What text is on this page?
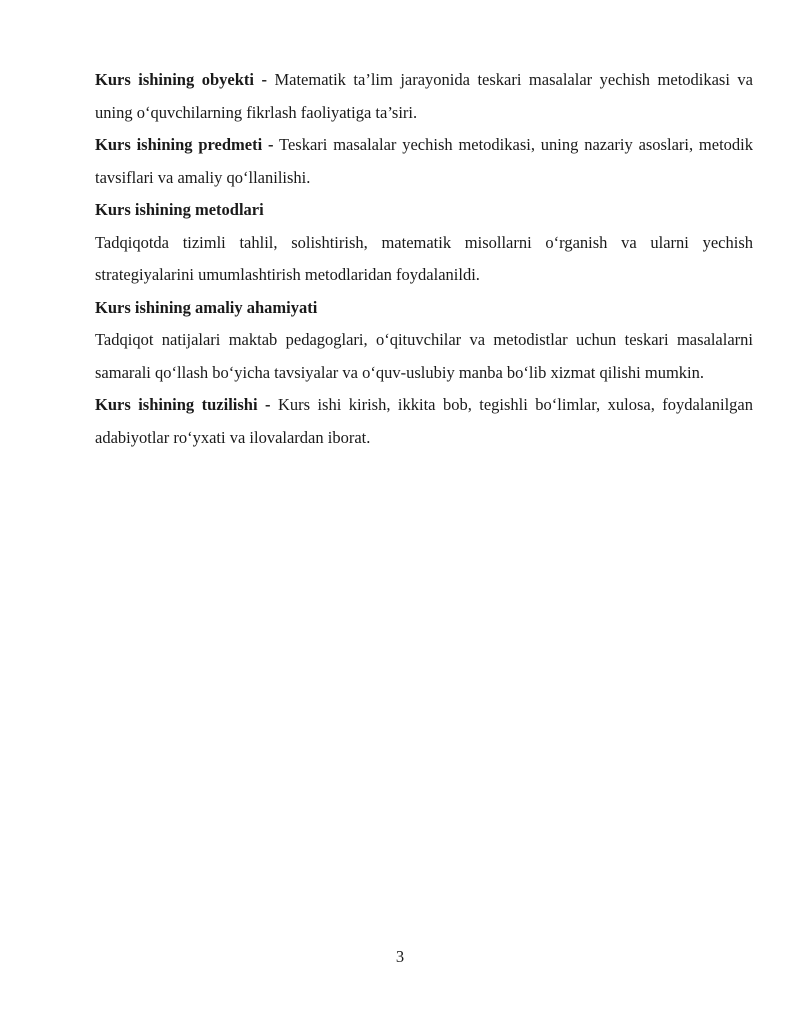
Kurs ishining obyekti - Matematik ta’lim jarayonida teskari masalalar yechish metodikasi va uning o‘quvchilarning fikrlash faoliyatiga ta’siri.

Kurs ishining predmeti - Teskari masalalar yechish metodikasi, uning nazariy asoslari, metodik tavsiflari va amaliy qo‘llanilishi.

Kurs ishining metodlari

Tadqiqotda tizimli tahlil, solishtirish, matematik misollarni o‘rganish va ularni yechish strategiyalarini umumlashtirish metodlaridan foydalanildi.

Kurs ishining amaliy ahamiyati

Tadqiqot natijalari maktab pedagoglari, o‘qituvchilar va metodistlar uchun teskari masalalarni samarali qo‘llash bo‘yicha tavsiyalar va o‘quv-uslubiy manba bo‘lib xizmat qilishi mumkin.

Kurs ishining tuzilishi - Kurs ishi kirish, ikkita bob, tegishli bo‘limlar, xulosa, foydalanilgan adabiyotlar ro‘yxati va ilovalardan iborat.

3
